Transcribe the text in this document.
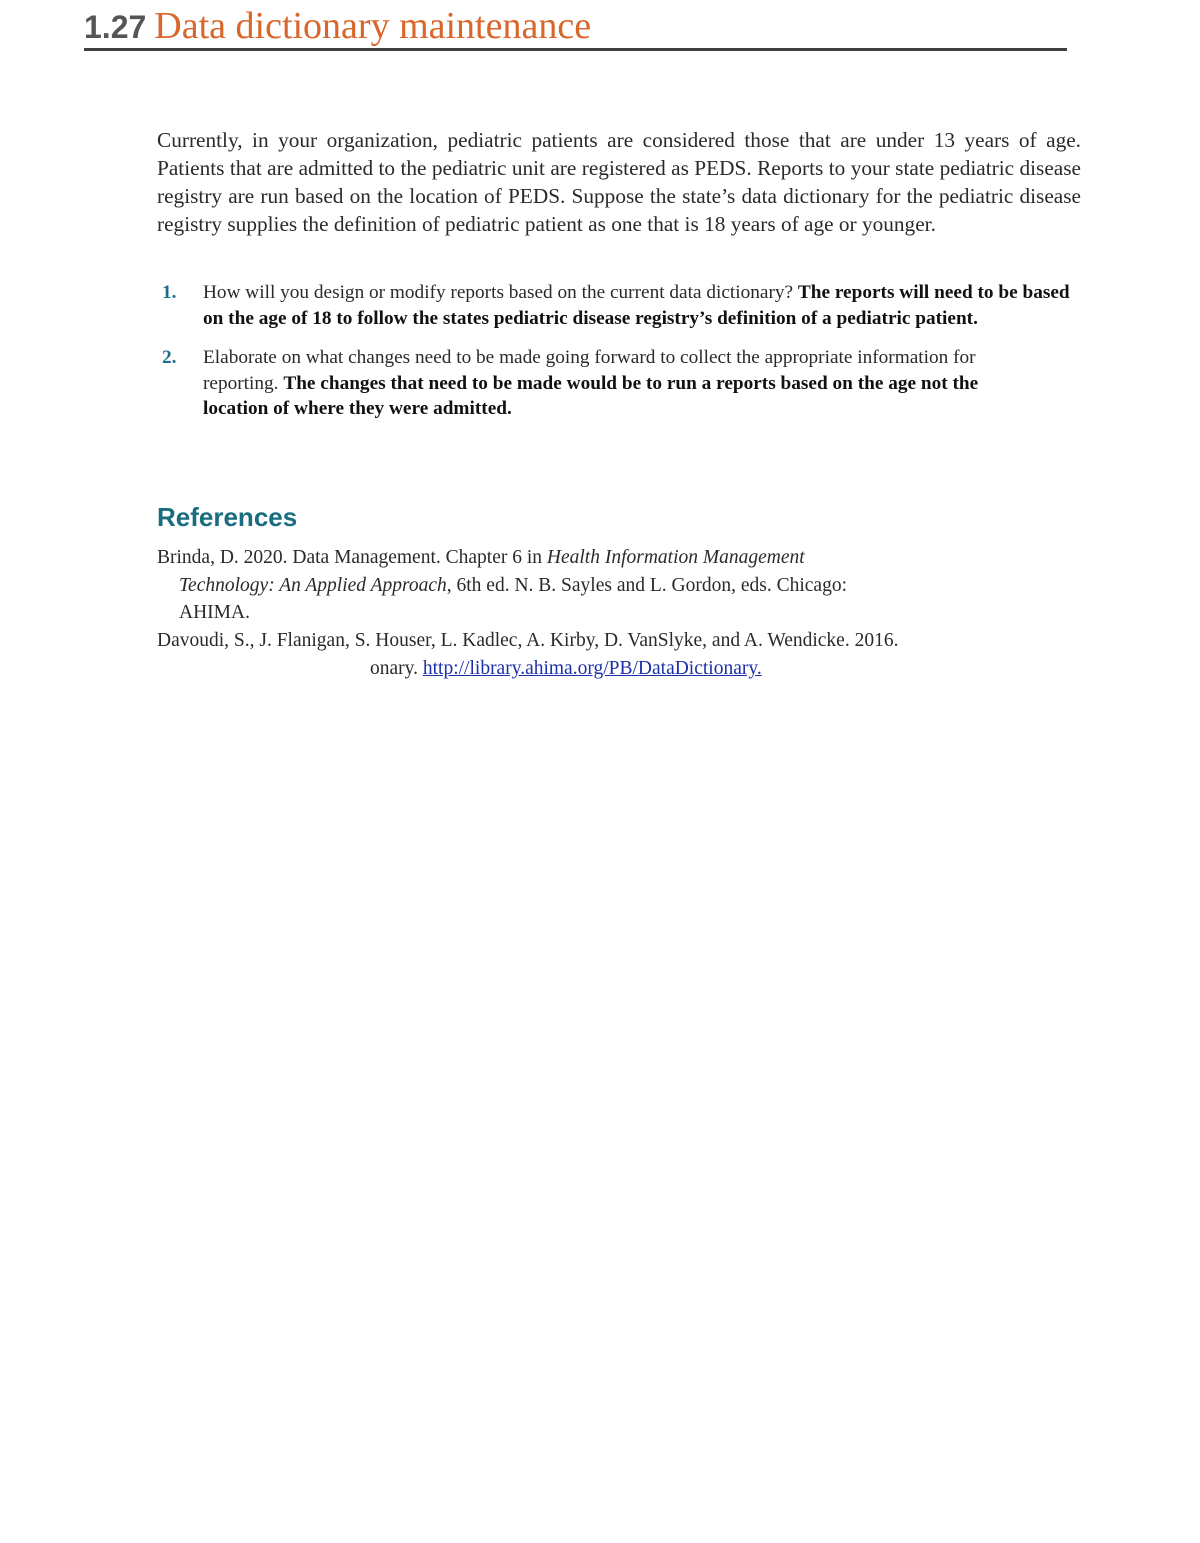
1.27 Data dictionary maintenance

Currently, in your organization, pediatric patients are considered those that are under 13 years of age. Patients that are admitted to the pediatric unit are registered as PEDS. Reports to your state pediatric disease registry are run based on the location of PEDS. Suppose the state’s data dictionary for the pediatric disease registry supplies the definition of pediatric patient as one that is 18 years of age or younger.

1. How will you design or modify reports based on the current data dictionary? The reports will need to be based on the age of 18 to follow the states pediatric disease registry’s definition of a pediatric patient.
2. Elaborate on what changes need to be made going forward to collect the appropriate information for reporting. The changes that need to be made would be to run a reports based on the age not the location of where they were admitted.
References
Brinda, D. 2020. Data Management. Chapter 6 in Health Information Management
Technology: An Applied Approach, 6th ed. N. B. Sayles and L. Gordon, eds. Chicago:
AHIMA.
Davoudi, S., J. Flanigan, S. Houser, L. Kadlec, A. Kirby, D. VanSlyke, and A. Wendicke. 2016.
onary. http://library.ahima.org/PB/DataDictionary.
